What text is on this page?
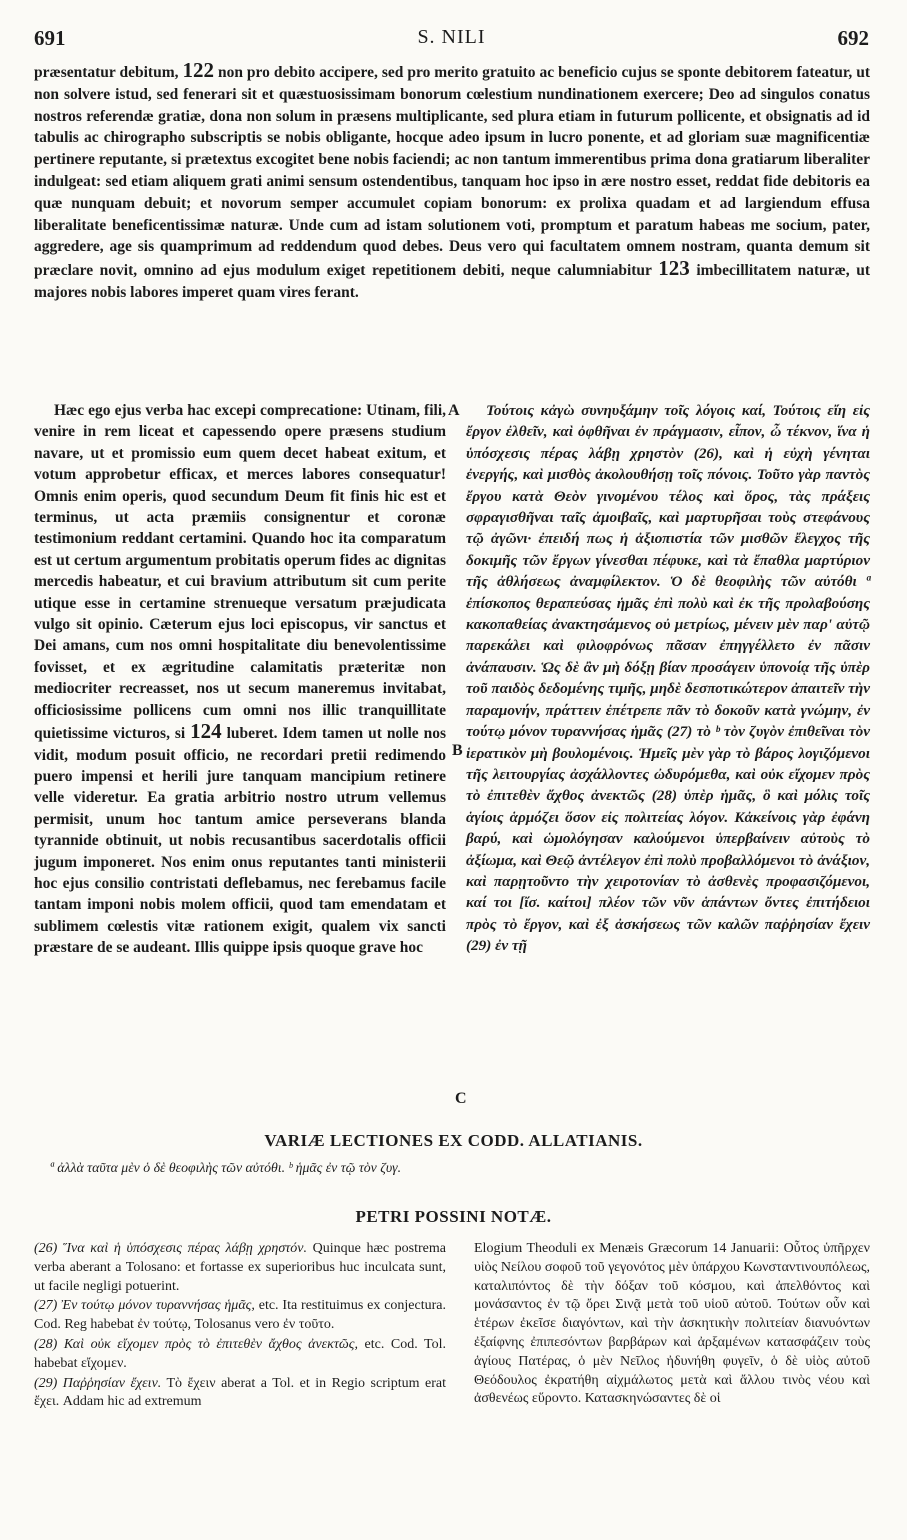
691	S. NILI	692

præsentatur debitum, 122 non pro debito accipere, sed pro merito gratuito ac beneficio cujus se sponte debitorem fateatur, ut non solvere istud, sed fenerari sit et quæstuosissimam bonorum cœlestium nundinationem exercere; Deo ad singulos conatus nostros referendæ gratiæ, dona non solum in præsens multiplicante, sed plura etiam in futurum pollicente, et obsignatis ad id tabulis ac chirographo subscriptis se nobis obligante, hocque adeo ipsum in lucro ponente, et ad gloriam suæ magnificentiæ pertinere reputante, si prætextus excogitet bene nobis faciendi; ac non tantum immerentibus prima dona gratiarum liberaliter indulgeat: sed etiam aliquem grati animi sensum ostendentibus, tanquam hoc ipso in ære nostro esset, reddat fide debitoris ea quæ nunquam debuit; et novorum semper accumulet copiam bonorum: ex prolixa quadam et ad largiendum effusa liberalitate beneficentissimæ naturæ. Unde cum ad istam solutionem voti, promptum et paratum habeas me socium, pater, aggredere, age sis quamprimum ad reddendum quod debes. Deus vero qui facultatem omnem nostram, quanta demum sit præclare novit, omnino ad ejus modulum exiget repetitionem debiti, neque calumniabitur 123 imbecillitatem naturæ, ut majores nobis labores imperet quam vires ferant.

Hæc ego ejus verba hac excepi comprecatione: Utinam, fili, venire in rem liceat et capessendo opere præsens studium navare, ut et promissio eum quem decet habeat exitum, et votum approbetur efficax, et merces labores consequatur! Omnis enim operis, quod secundum Deum fit finis hic est et terminus, ut acta præmiis consignentur et coronæ testimonium reddant certamini. Quando hoc ita comparatum est ut certum argumentum probitatis operum fides ac dignitas mercedis habeatur, et cui bravium attributum sit cum perite utique esse in certamine strenueque versatum præjudicata vulgo sit opinio. Cæterum ejus loci episcopus, vir sanctus et Dei amans, cum nos omni hospitalitate diu benevolentissime fovisset, et ex ægritudine calamitatis præteritæ non mediocriter recreasset, nos ut secum maneremus invitabat, officiosissime pollicens cum omni nos illic tranquillitate quietissime victuros, si 124 luberet. Idem tamen ut nolle nos vidit, modum posuit officio, ne recordari pretii redimendo puero impensi et herili jure tanquam mancipium retinere velle videretur. Ea gratia arbitrio nostro utrum vellemus permisit, unum hoc tantum amice perseverans blanda tyrannide obtinuit, ut nobis recusantibus sacerdotalis officii jugum imponeret. Nos enim onus reputantes tanti ministerii hoc ejus consilio contristati deflebamus, nec ferebamus facile tantam imponi nobis molem officii, quod tam emendatam et sublimem cœlestis vitæ rationem exigit, qualem vix sancti præstare de se audeant. Illis quippe ipsis quoque grave hoc

A
B
C

Τούτοις κἀγὼ συνηυξάμην τοῖς λόγοις καί, Τούτοις εἴη εἰς ἔργον ἐλθεῖν, καὶ ὀφθῆναι ἐν πράγμασιν, εἶπον, ὦ τέκνον, ἵνα ἡ ὑπόσχεσις πέρας λάβῃ χρηστὸν (26), καὶ ἡ εὐχὴ γένηται ἐνεργής, καὶ μισθὸς ἀκολουθήσῃ τοῖς πόνοις. Τοῦτο γὰρ παντὸς ἔργου κατὰ Θεὸν γινομένου τέλος καὶ ὅρος, τὰς πράξεις σφραγισθῆναι ταῖς ἀμοιβαῖς, καὶ μαρτυρῆσαι τοὺς στεφάνους τῷ ἀγῶνι· ἐπειδή πως ἡ ἀξιοπιστία τῶν μισθῶν ἔλεγχος τῆς δοκιμῆς τῶν ἔργων γίνεσθαι πέφυκε, καὶ τὰ ἔπαθλα μαρτύριον τῆς ἀθλήσεως ἀναμφίλεκτον. Ὁ δὲ θεοφιλὴς τῶν αὐτόθι ª ἐπίσκοπος θεραπεύσας ἡμᾶς ἐπὶ πολὺ καὶ ἐκ τῆς προλαβούσης κακοπαθείας ἀνακτησάμενος οὐ μετρίως, μένειν μὲν παρ' αὐτῷ παρεκάλει καὶ φιλοφρόνως πᾶσαν ἐπηγγέλλετο ἐν πᾶσιν ἀνάπαυσιν. Ὡς δὲ ἂν μὴ δόξῃ βίαν προσάγειν ὑπονοίᾳ τῆς ὑπὲρ τοῦ παιδὸς δεδομένης τιμῆς, μηδὲ δεσποτικώτερον ἀπαιτεῖν τὴν παραμονήν, πράττειν ἐπέτρεπε πᾶν τὸ δοκοῦν κατὰ γνώμην, ἐν τούτῳ μόνον τυραννήσας ἡμᾶς (27) τὸ ᵇ τὸν ζυγὸν ἐπιθεῖναι τὸν ἱερατικὸν μὴ βουλομένοις. Ἡμεῖς μὲν γὰρ τὸ βάρος λογιζόμενοι τῆς λειτουργίας ἀσχάλλοντες ὠδυρόμεθα, καὶ οὐκ εἴχομεν πρὸς τὸ ἐπιτεθὲν ἄχθος ἀνεκτῶς (28) ὑπὲρ ἡμᾶς, ὃ καὶ μόλις τοῖς ἁγίοις ἁρμόζει ὅσον εἰς πολιτείας λόγον. Κἀκείνοις γὰρ ἐφάνη βαρύ, καὶ ὡμολόγησαν καλούμενοι ὑπερβαίνειν αὐτοὺς τὸ ἀξίωμα, καὶ Θεῷ ἀντέλεγον ἐπὶ πολὺ προβαλλόμενοι τὸ ἀνάξιον, καὶ παρῃτοῦντο τὴν χειροτονίαν τὸ ἀσθενὲς προφασιζόμενοι, καί τοι [ἴσ. καίτοι] πλέον τῶν νῦν ἁπάντων ὄντες ἐπιτήδειοι πρὸς τὸ ἔργον, καὶ ἐξ ἀσκήσεως τῶν καλῶν παῤῥησίαν ἔχειν (29) ἐν τῇ

VARIÆ LECTIONES EX CODD. ALLATIANIS.
ª ἀλλὰ ταῦτα μὲν ὁ δὲ θεοφιλὴς τῶν αὐτόθι. ᵇ ἡμᾶς ἐν τῷ τὸν ζυγ.
PETRI POSSINI NOTÆ.

(26) Ἵνα καὶ ἡ ὑπόσχεσις πέρας λάβῃ χρηστόν. Quinque hæc postrema verba aberant a Tolosano: et fortasse ex superioribus huc inculcata sunt, ut facile negligi potuerint.

(27) Ἐν τούτῳ μόνον τυραννήσας ἡμᾶς, etc. Ita restituimus ex conjectura. Cod. Reg habebat ἐν τούτῳ, Tolosanus vero ἐν τοῦτο.

(28) Καὶ οὐκ εἴχομεν πρὸς τὸ ἐπιτεθὲν ἄχθος ἀνεκτῶς, etc. Cod. Tol. habebat εἴχομεν.

(29) Παῤῥησίαν ἔχειν. Τὸ ἔχειν aberat a Tol. et in Regio scriptum erat ἔχει. Addam hic ad extremum

Elogium Theoduli ex Menæis Græcorum 14 Januarii: Οὗτος ὑπῆρχεν υἱὸς Νείλου σοφοῦ τοῦ γεγονότος μὲν ὑπάρχου Κωνσταντινουπόλεως, καταλιπόντος δὲ τὴν δόξαν τοῦ κόσμου, καὶ ἀπελθόντος καὶ μονάσαντος ἐν τῷ ὄρει Σινᾷ μετὰ τοῦ υἱοῦ αὐτοῦ. Τούτων οὖν καὶ ἑτέρων ἐκεῖσε διαγόντων, καὶ τὴν ἀσκητικὴν πολιτείαν διανυόντων ἐξαίφνης ἐπιπεσόντων βαρβάρων καὶ ἀρξαμένων κατασφάζειν τοὺς ἁγίους Πατέρας, ὁ μὲν Νεῖλος ἠδυνήθη φυγεῖν, ὁ δὲ υἱὸς αὐτοῦ Θεόδουλος ἐκρατήθη αἰχμάλωτος μετὰ καὶ ἄλλου τινὸς νέου καὶ ἀσθενέως εὕροντο. Κατασκηνώσαντες δὲ οἱ
